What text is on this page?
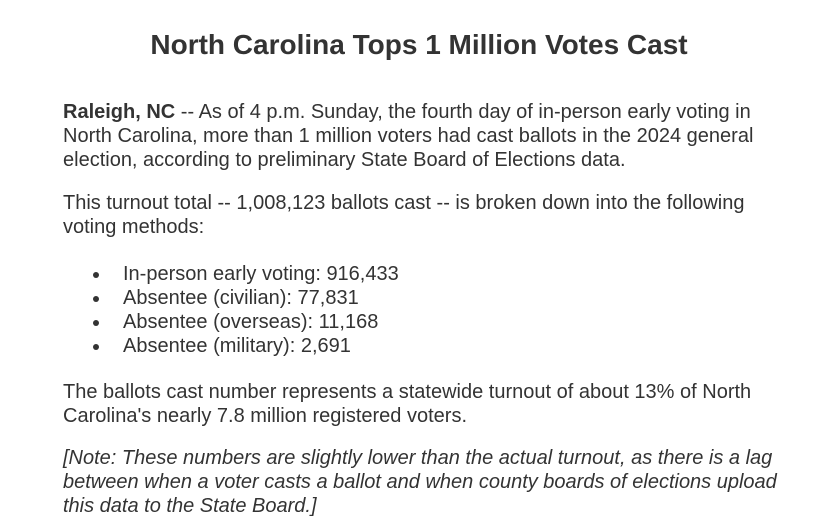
North Carolina Tops 1 Million Votes Cast

Raleigh, NC -- As of 4 p.m. Sunday, the fourth day of in-person early voting in North Carolina, more than 1 million voters had cast ballots in the 2024 general election, according to preliminary State Board of Elections data.

This turnout total -- 1,008,123 ballots cast -- is broken down into the following voting methods:

In-person early voting: 916,433
Absentee (civilian): 77,831
Absentee (overseas): 11,168
Absentee (military): 2,691

The ballots cast number represents a statewide turnout of about 13% of North Carolina's nearly 7.8 million registered voters.

[Note: These numbers are slightly lower than the actual turnout, as there is a lag between when a voter casts a ballot and when county boards of elections upload this data to the State Board.]
